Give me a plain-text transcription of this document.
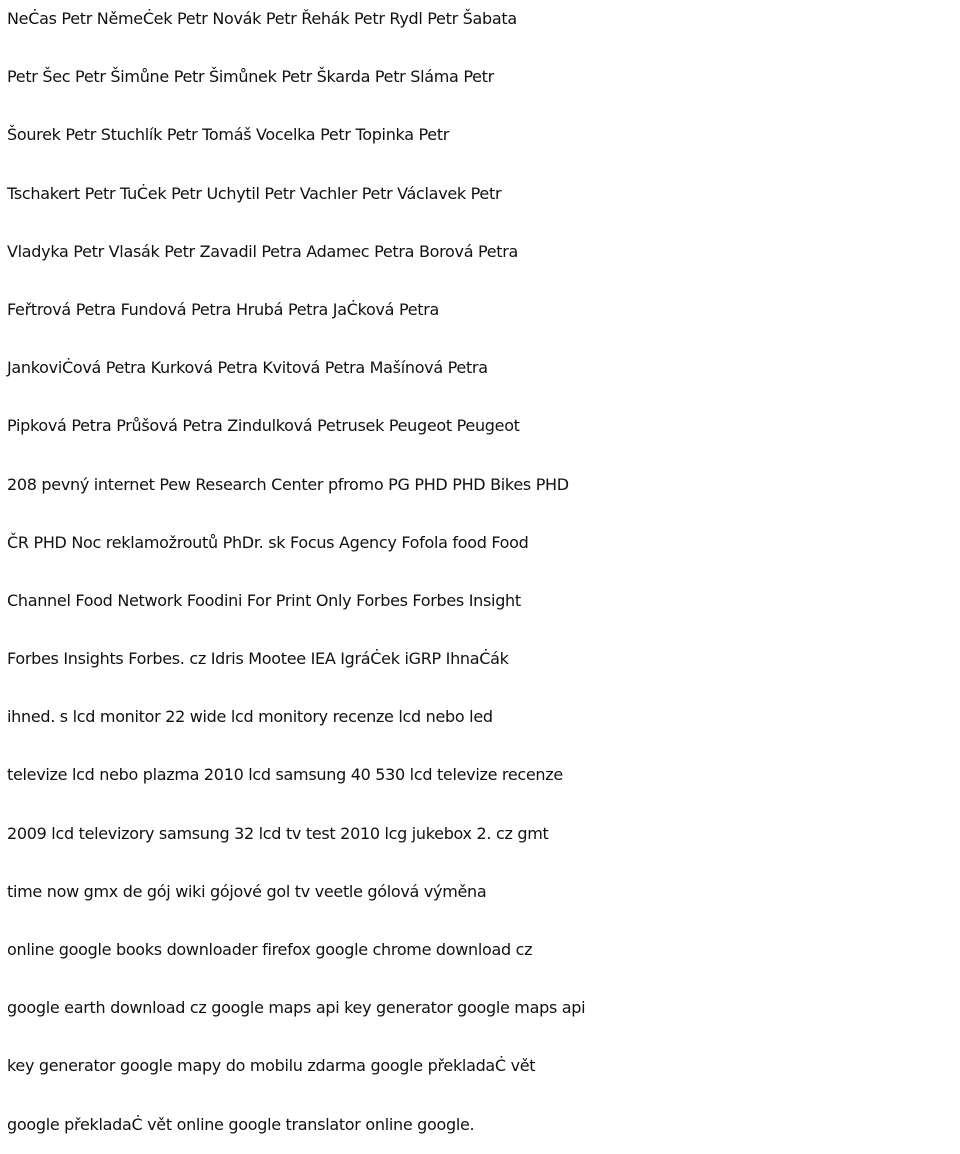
NeĊas Petr NěmeĊek Petr Novák Petr Řehák Petr Rydl Petr Šabata
Petr Šec Petr Šimůne Petr Šimůnek Petr Škarda Petr Sláma Petr
Šourek Petr Stuchlík Petr Tomáš Vocelka Petr Topinka Petr
Tschakert Petr TuĊek Petr Uchytil Petr Vachler Petr Václavek Petr
Vladyka Petr Vlasák Petr Zavadil Petra Adamec Petra Borová Petra
Feřtrová Petra Fundová Petra Hrubá Petra JaĊková Petra
JankoviĊová Petra Kurková Petra Kvitová Petra Mašínová Petra
Pipková Petra Průšová Petra Zindulková Petrusek Peugeot Peugeot
208 pevný internet Pew Research Center pfromo PG PHD PHD Bikes PHD
ČR PHD Noc reklamožroutů PhDr. sk Focus Agency Fofola food Food
Channel Food Network Foodini For Print Only Forbes Forbes Insight
Forbes Insights Forbes. cz Idris Mootee IEA IgráĊek iGRP IhnaĊák
ihned. s lcd monitor 22 wide lcd monitory recenze lcd nebo led
televize lcd nebo plazma 2010 lcd samsung 40 530 lcd televize recenze
2009 lcd televizory samsung 32 lcd tv test 2010 lcg jukebox 2. cz gmt
time now gmx de gój wiki gójové gol tv veetle gólová výměna
online google books downloader firefox google chrome download cz
google earth download cz google maps api key generator google maps api
key generator google mapy do mobilu zdarma google překladaĊ vět
google překladaĊ vět online google translator online google.
